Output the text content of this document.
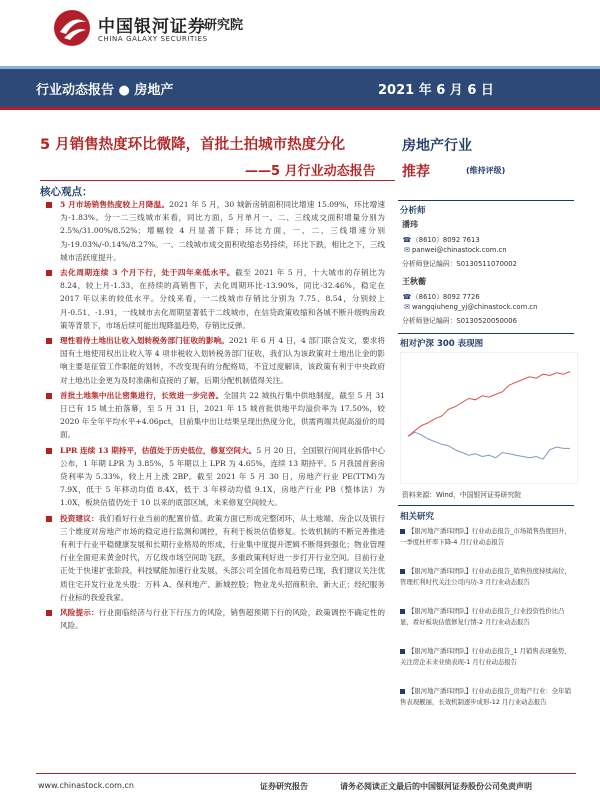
中国银河证券
CHINA GALAXY SECURITIES
研究院
行业动态报告 ● 房地产	2021 年 6 月 6 日
5 月销售热度环比微降，首批土拍城市热度分化
——5 月行业动态报告
核心观点：
5 月市场销售热度较上月降温。2021 年 5 月，30 城新房销面积同比增速 15.09%，环比增速为-1.83%。分一二三线城市来看，同比方面，5 月单月一、二、三线成交面积增量分别为 2.5%/31.00%/8.52%；增幅较 4 月显著下降；环比方面，一、二、三线增速分别为-19.03%/-0.14%/8.27%。一、二线城市成交面积收缩态势持续，环比下跌，相比之下，三线城市活跃度提升。
去化周期连续 3 个月下行，处于四年来低水平。截至 2021 年 5 月，十大城市的存销比为 8.24，较上月-1.33，在持续的高销售下，去化周期环比-13.90%，同比-32.46%，稳定在 2017 年以来的较低水平。分线来看，一二线城市存销比分别为 7.75、8.54，分别较上月-0.51、-1.91，一线城市去化周期显著低于二线城市，在信贷政策收缩和各城不断升级购房政策等背景下，市场后续可能出现降温趋势，存销比反弹。
理性看待土地出让收入划转税务部门征收的影响。2021 年 6 月 4 日，4 部门联合发文，要求将国有土地使用权出让收入等 4 项非税收入划转税务部门征收，我们认为该政策对土地出让金的影响主要是征管工作职能的划转，不改变现有的分配格局，不宜过度解读，该政策有利于中央政府对土地出让金更为及时准确和直接的了解，后期分配机制值得关注。
首批土地集中出让密集进行，长效进一步完善。全国共 22 城执行集中供地制度，截至 5 月 31 日已有 15 城土拍落幕，至 5 月 31 日，2021 年 15 城首批供地平均溢价率为 17.50%，较 2020 年全年平均水平+4.06pct，目前集中出让结果呈现出热度分化，供需两端共促高溢价的局面。
LPR 连续 13 期持平，估值处于历史低位，修复空间大。5 月 20 日，全国银行间同业拆借中心公布，1 年期 LPR 为 3.85%，5 年期以上 LPR 为 4.65%，连续 13 期持平。5 月我国首套房贷利率为 5.33%，较上月上涨 2BP。截至 2021 年 5 月 30 日，房地产行业 PE(TTM)为 7.9X，低于 5 年移动均值 8.4X，低于 3 年移动均值 9.1X，房地产行业 PB（整体法）为 1.0X，板块估值仍处于 10 以来的底部区域，未来修复空间较大。
投资建议：我们看好行业当前的配置价值。政策方面已形成完整闭环，从土地端、房企以及银行三个维度对房地产市场的稳定进行监测和调控，有利于板块估值修复。长效机制的不断完善推进有利于行业平稳健康发展和长期行业格局的形成，行业集中度提升逻辑不断得到强化；物业管理行业全面迎来黄金时代，万亿级市场空间助飞跃，多重政策利好进一步打开行业空间。目前行业正处于快速扩张阶段，科技赋能加速行业发展，头部公司全国化布局趋势已现，我们建议关注优质住宅开发行业龙头股：万科 A、保利地产、新城控股；物业龙头招商积余、新大正；经纪服务行业标的我爱我家。
风险提示：行业面临经济与行业下行压力的风险，销售超预期下行的风险，政策调控不确定性的风险。
房地产行业
推荐	(维持评级)
分析师
潘玮
☎（8610）8092 7613
✉ panwei@chinastock.com.cn
分析师登记编码：S0130511070002
王秋蘅
☎（8610）8092 7726
✉ wangqiuheng_yj@chinastock.com.cn
分析师登记编码：S0130520050006
相对沪深 300 表现图
资料来源：Wind，中国银河证券研究院
相关研究
【银河地产潘玮团队】行业动态报告_市场销售热度回升，一季度杜杆率下降-4 月行业动态报告
【银河地产潘玮团队】行业动态报告_销售热度持续高位，管理杠利时代关注公司内功-3 月行业动态报告
【银河地产潘玮团队】行业动态报告_行业投资性价比凸显，看好板块估值修复行情-2 月行业动态报告
【银河地产潘玮团队】行业动态报告_1 月销售表现强势，关注房企未来业绩表现-1 月行业动态报告
【银河地产潘玮团队】行业动态报告_房地产行业：全年销售表现靓丽，长效机制逐步成形-12 月行业动态报告
www.chinastock.com.cn	证券研究报告	请务必阅读正文最后的中国银河证券股份公司免责声明
